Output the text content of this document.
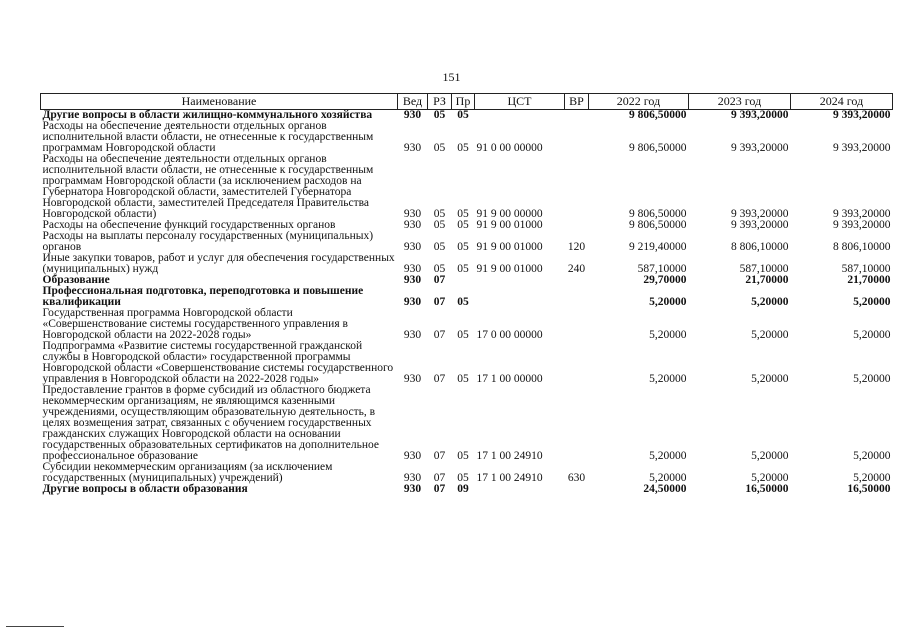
151
Наименование	Вед	РЗ	Пр	ЦСТ	ВР	2022 год	2023 год	2024 год
Другие вопросы в области жилищно-коммунального хозяйства	930	05	05			9 806,50000	9 393,20000	9 393,20000
Расходы на обеспечение деятельности отдельных органов исполнительной власти области, не отнесенные к государственным программам Новгородской области	930	05	05	91 0 00 00000		9 806,50000	9 393,20000	9 393,20000
Расходы на обеспечение деятельности отдельных органов исполнительной власти области, не отнесенные к государственным программам Новгородской области (за исключением расходов на Губернатора Новгородской области, заместителей Губернатора Новгородской области, заместителей Председателя Правительства Новгородской области)	930	05	05	91 9 00 00000		9 806,50000	9 393,20000	9 393,20000
Расходы на обеспечение функций государственных органов	930	05	05	91 9 00 01000		9 806,50000	9 393,20000	9 393,20000
Расходы на выплаты персоналу государственных (муниципальных) органов	930	05	05	91 9 00 01000	120	9 219,40000	8 806,10000	8 806,10000
Иные закупки товаров, работ и услуг для обеспечения государственных (муниципальных) нужд	930	05	05	91 9 00 01000	240	587,10000	587,10000	587,10000
Образование	930	07				29,70000	21,70000	21,70000
Профессиональная подготовка, переподготовка и повышение квалификации	930	07	05			5,20000	5,20000	5,20000
Государственная программа Новгородской области «Совершенствование системы государственного управления в Новгородской области на 2022-2028 годы»	930	07	05	17 0 00 00000		5,20000	5,20000	5,20000
Подпрограмма «Развитие системы государственной гражданской службы в Новгородской области» государственной программы Новгородской области «Совершенствование системы государственного управления в Новгородской области на 2022-2028 годы»	930	07	05	17 1 00 00000		5,20000	5,20000	5,20000
Предоставление грантов в форме субсидий из областного бюджета некоммерческим организациям, не являющимся казенными учреждениями, осуществляющим образовательную деятельность, в целях возмещения затрат, связанных с обучением государственных гражданских служащих Новгородской области на основании государственных образовательных сертификатов на дополнительное профессиональное образование	930	07	05	17 1 00 24910		5,20000	5,20000	5,20000
Субсидии некоммерческим организациям (за исключением государственных (муниципальных) учреждений)	930	07	05	17 1 00 24910	630	5,20000	5,20000	5,20000
Другие вопросы в области образования	930	07	09			24,50000	16,50000	16,50000
